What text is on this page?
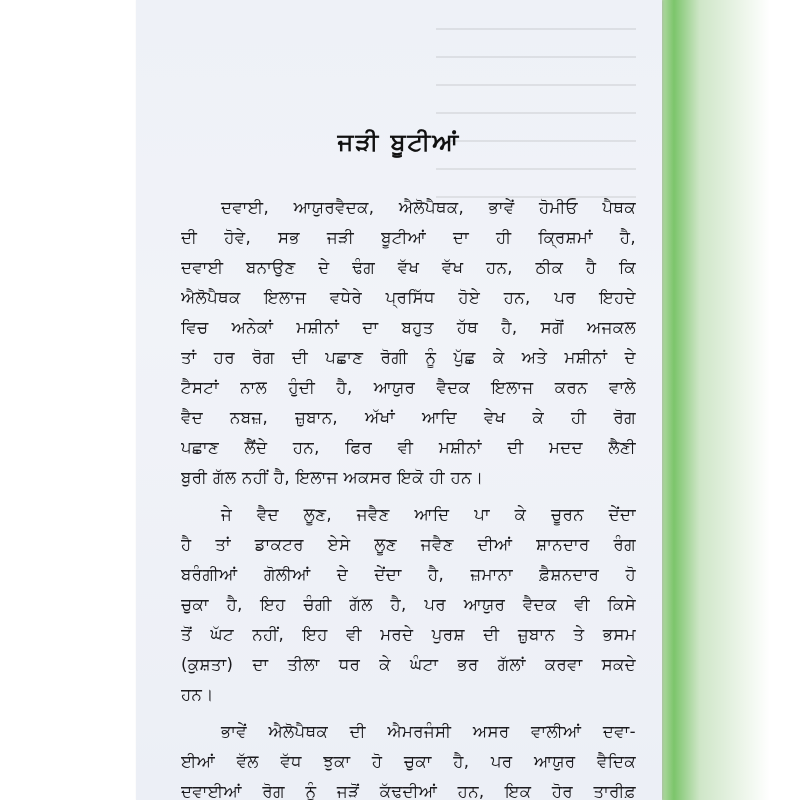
ਜੜੀ ਬੂਟੀਆਂ
ਦਵਾਈ, ਆਯੁਰਵੈਦਕ, ਐਲੋਪੈਥਕ, ਭਾਵੇਂ ਹੋਮੀਓ ਪੈਥਕ
ਦੀ ਹੋਵੇ, ਸਭ ਜੜੀ ਬੂਟੀਆਂ ਦਾ ਹੀ ਕ੍ਰਿਸ਼ਮਾਂ ਹੈ,
ਦਵਾਈ ਬਨਾਉਣ ਦੇ ਢੰਗ ਵੱਖ ਵੱਖ ਹਨ, ਠੀਕ ਹੈ ਕਿ
ਐਲੋਪੈਥਕ ਇਲਾਜ ਵਧੇਰੇ ਪ੍ਰਸਿੱਧ ਹੋਏ ਹਨ, ਪਰ ਇਹਦੇ
ਵਿਚ ਅਨੇਕਾਂ ਮਸ਼ੀਨਾਂ ਦਾ ਬਹੁਤ ਹੱਥ ਹੈ, ਸਗੋਂ ਅਜਕਲ
ਤਾਂ ਹਰ ਰੋਗ ਦੀ ਪਛਾਣ ਰੋਗੀ ਨੂੰ ਪੁੱਛ ਕੇ ਅਤੇ ਮਸ਼ੀਨਾਂ ਦੇ
ਟੈਸਟਾਂ ਨਾਲ ਹੁੰਦੀ ਹੈ, ਆਯੁਰ ਵੈਦਕ ਇਲਾਜ ਕਰਨ ਵਾਲੇ
ਵੈਦ ਨਬਜ਼, ਜ਼ੁਬਾਨ, ਅੱਖਾਂ ਆਦਿ ਵੇਖ ਕੇ ਹੀ ਰੋਗ
ਪਛਾਣ ਲੈਂਦੇ ਹਨ, ਫਿਰ ਵੀ ਮਸ਼ੀਨਾਂ ਦੀ ਮਦਦ ਲੈਣੀ
ਬੁਰੀ ਗੱਲ ਨਹੀਂ ਹੈ, ਇਲਾਜ ਅਕਸਰ ਇਕੋ ਹੀ ਹਨ।
ਜੇ ਵੈਦ ਲੂਣ, ਜਵੈਣ ਆਦਿ ਪਾ ਕੇ ਚੂਰਨ ਦੇਂਦਾ
ਹੈ ਤਾਂ ਡਾਕਟਰ ਏਸੇ ਲੂਣ ਜਵੈਣ ਦੀਆਂ ਸ਼ਾਨਦਾਰ ਰੰਗ
ਬਰੰਗੀਆਂ ਗੋਲੀਆਂ ਦੇ ਦੇਂਦਾ ਹੈ, ਜ਼ਮਾਨਾ ਫ਼ੈਸ਼ਨਦਾਰ ਹੋ
ਚੁਕਾ ਹੈ, ਇਹ ਚੰਗੀ ਗੱਲ ਹੈ, ਪਰ ਆਯੁਰ ਵੈਦਕ ਵੀ ਕਿਸੇ
ਤੋਂ ਘੱਟ ਨਹੀਂ, ਇਹ ਵੀ ਮਰਦੇ ਪੁਰਸ਼ ਦੀ ਜ਼ੁਬਾਨ ਤੇ ਭਸਮ
(ਕੁਸ਼ਤਾ) ਦਾ ਤੀਲਾ ਧਰ ਕੇ ਘੰਟਾ ਭਰ ਗੱਲਾਂ ਕਰਵਾ ਸਕਦੇ
ਹਨ।
ਭਾਵੇਂ ਐਲੋਪੈਥਕ ਦੀ ਐਮਰਜੰਸੀ ਅਸਰ ਵਾਲੀਆਂ ਦਵਾ-
ਈਆਂ ਵੱਲ ਵੱਧ ਝੁਕਾ ਹੋ ਚੁਕਾ ਹੈ, ਪਰ ਆਯੁਰ ਵੈਦਿਕ
ਦਵਾਈਆਂ ਰੋਗ ਨੂੰ ਜੜੋਂ ਕੱਢਦੀਆਂ ਹਨ, ਇਕ ਹੋਰ ਤਾਰੀਫ਼
